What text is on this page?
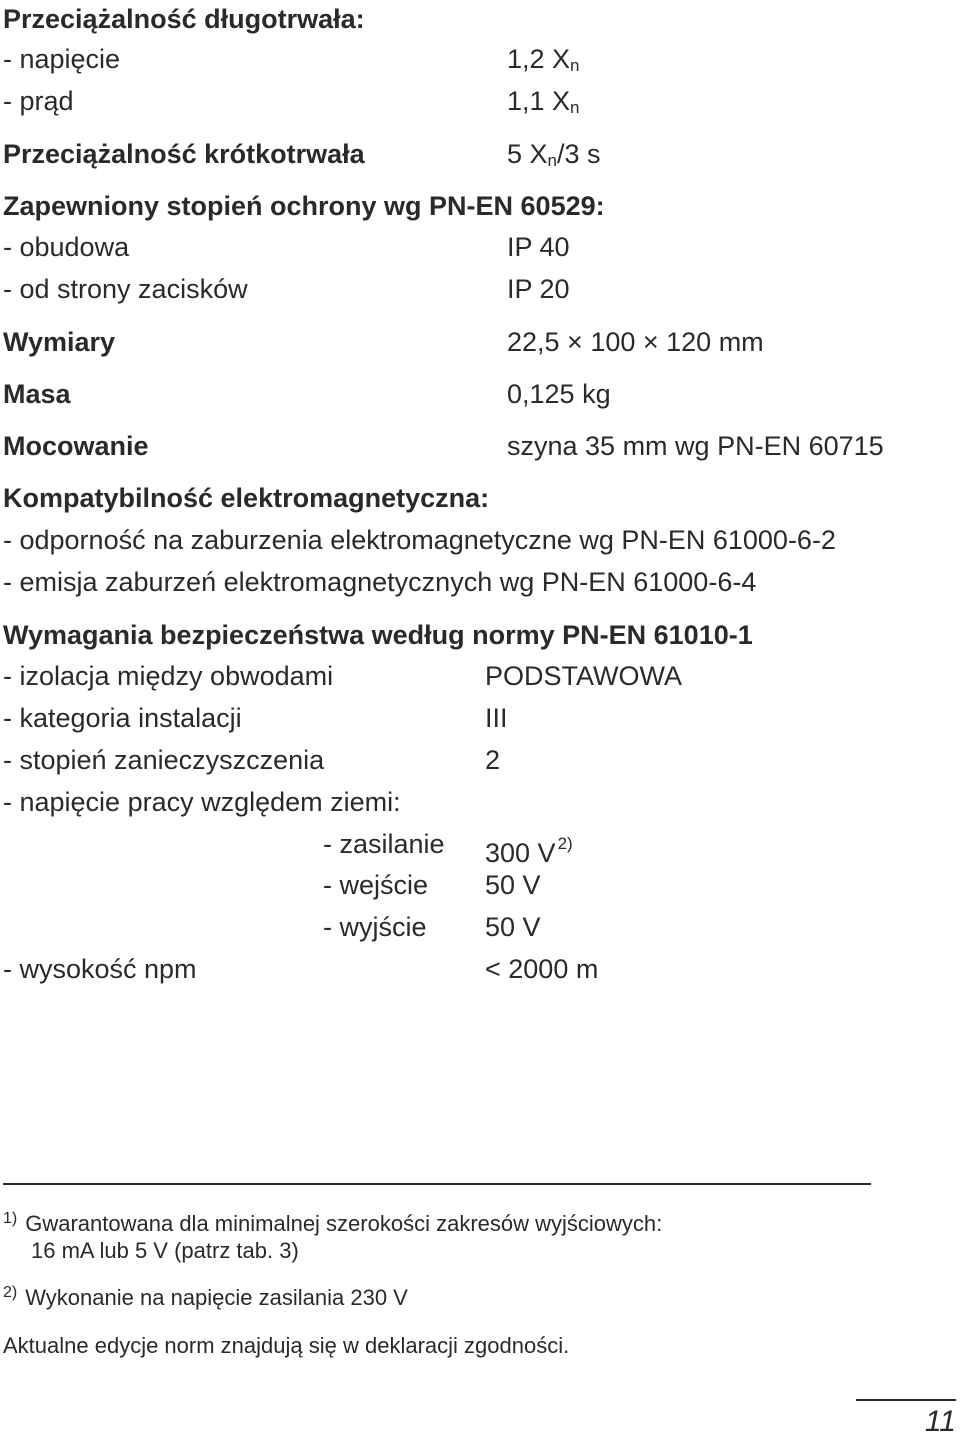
Przeciążalność długotrwała:
- napięcie	1,2 Xn
- prąd	1,1 Xn
Przeciążalność krótkotrwała	5 Xn/3 s
Zapewniony stopień ochrony wg PN-EN 60529:
- obudowa	IP 40
- od strony zacisków	IP 20
Wymiary	22,5 × 100 × 120 mm
Masa	0,125 kg
Mocowanie	szyna 35 mm wg PN-EN 60715
Kompatybilność elektromagnetyczna:
- odporność na zaburzenia elektromagnetyczne wg PN-EN 61000-6-2
- emisja zaburzeń elektromagnetycznych wg PN-EN 61000-6-4
Wymagania bezpieczeństwa według normy PN-EN 61010-1
- izolacja między obwodami	PODSTAWOWA
- kategoria instalacji	III
- stopień zanieczyszczenia	2
- napięcie pracy względem ziemi:
- zasilanie 300 V $^{2)}$
- wejście 50 V
- wyjście 50 V
- wysokość npm	< 2000 m
$^{1)}$ Gwarantowana dla minimalnej szerokości zakresów wyjściowych:
16 mA lub 5 V (patrz tab. 3)
$^{2)}$ Wykonanie na napięcie zasilania 230 V
Aktualne edycje norm znajdują się w deklaracji zgodności.
11
